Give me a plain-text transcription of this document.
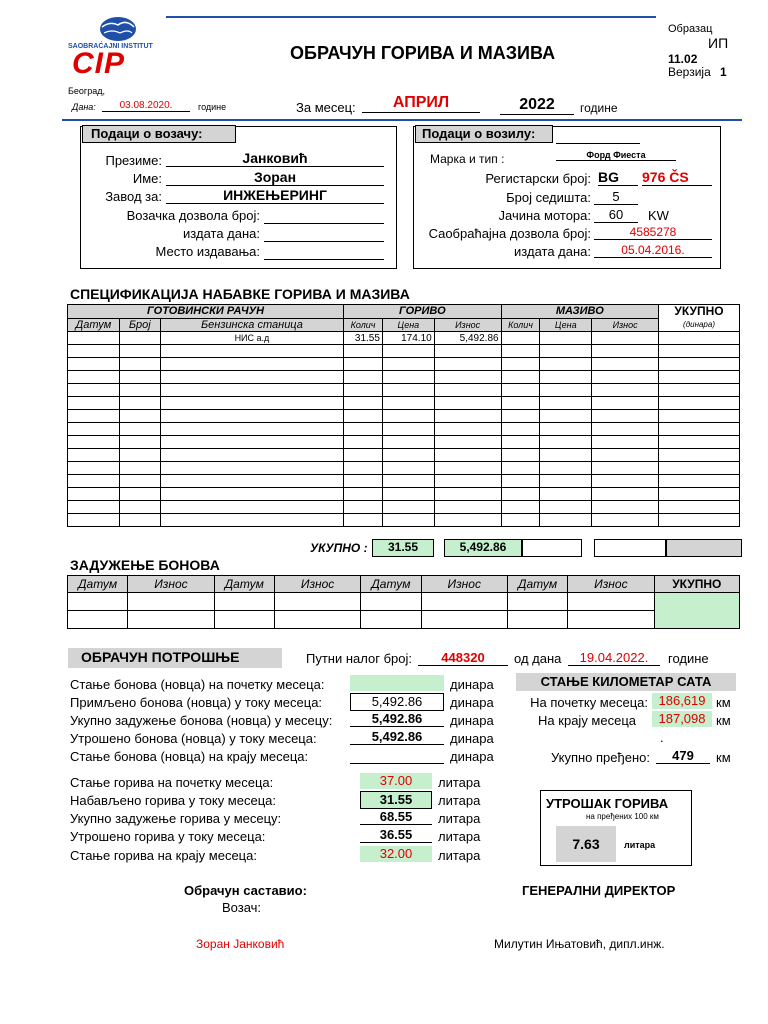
SAOBRAĆAJNI INSTITUT
CIP	ОБРАЧУН ГОРИВА И МАЗИВА
Образац
ИП
11.02
Верзија 1
Београд,
Дана:	03.08.2020.	године	За месец:	АПРИЛ	2022	године
Подаци о возачу:
Презиме:	Јанковић
Име:	Зоран
Завод за:	ИНЖЕЊЕРИНГ
Возачка дозвола број:
издата дана:
Место издавања:
Подаци о возилу:
Марка и тип :	Форд Фиеста
Регистарски број: BG	976 ČS
Број седишта:	5
Јачина мотора:	60	KW
Саобраћајна дозвола број:	4585278
издата дана:	05.04.2016.
СПЕЦИФИКАЦИЈА НАБАВКЕ ГОРИВА И МАЗИВА
ГОТОВИНСКИ РАЧУН			ГОРИВО			МАЗИВО			УКУПНО
(динара)
Датум	Број	Бензинска станица	Колич	Цена	Износ	Колич	Цена	Износ	
		НИС а.д	31.55	174.10	5,492.86				

УКУПНО :	31.55	5,492.86
ЗАДУЖЕЊЕ БОНОВА
Датум	Износ	Датум	Износ	Датум	Износ	Датум	Износ	УКУПНО

ОБРАЧУН ПОТРОШЊЕ	Путни налог број:	448320	од дана	19.04.2022.	године
Стање бонова (новца) на почетку месеца:	динара
Примљено бонова (новца) у току месеца:	5,492.86	динара
Укупно задужење бонова (новца) у месецу:	5,492.86	динара
Утрошено бонова (новца) у току месеца:	5,492.86	динара
Стање бонова (новца) на крају месеца:	динара
Стање горива на почетку месеца:	37.00	литара
Набављено горива у току месеца:	31.55	литара
Укупно задужење горива у месецу:	68.55	литара
Утрошено горива у току месеца:	36.55	литара
Стање горива на крају месеца:	32.00	литара
СТАЊЕ КИЛОМЕТАР САТА
На почетку месеца: 186,619 км
На крају месеца	187,098 км
.
Укупно пређено:	479	км
УТРОШАК ГОРИВА
на пређених 100 км
7.63	литара
Обрачун саставио:
Возач:
Зоран Јанковић
ГЕНЕРАЛНИ ДИРЕКТОР
Милутин Ињaтовић, дипл.инж.
